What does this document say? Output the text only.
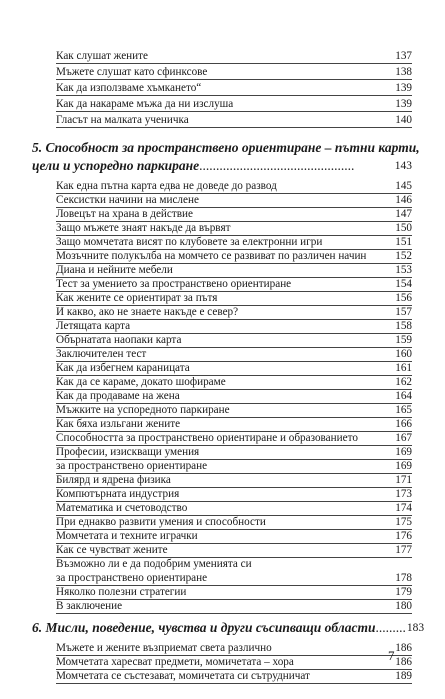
Как слушат жените	137
Мъжете слушат като сфинксове	138
Как да използваме хъмкането“	139
Как да накараме мъжа да ни изслуша	139
Гласът на малката ученичка	140
5. Способност за пространствено ориентиране – пътни карти,
цели и успоредно паркиране ..............................................	143
Как една пътна карта едва не доведе до развод	145
Сексистки начини на мислене	146
Ловецът на храна в действие	147
Защо мъжете знаят накъде да вървят	150
Защо момчетата висят по клубовете за електронни игри	151
Мозъчните полукълба на момчето се развиват по различен начин	152
Диана и нейните мебели	153
Тест за умението за пространствено ориентиране	154
Как жените се ориентират за пътя	156
И какво, ако не знаете накъде е север?	157
Летящата карта	158
Обърнатата наопаки карта	159
Заключителен тест	160
Как да избегнем караницата	161
Как да се караме, докато шофираме	162
Как да продаваме на жена	164
Мъжките на успоредното паркиране	165
Как бяха изльгани жените	166
Способността за пространствено ориентиране и образованието	167
Професии, изискващи умения	169
за пространствено ориентиране	169
Билярд и ядрена физика	171
Компютърната индустрия	173
Математика и счетоводство	174
При еднакво развити умения и способности	175
Момчетата и техните играчки	176
Как се чувстват жените	177
Възможно ли е да подобрим уменията си
за пространствено ориентиране	178
Няколко полезни стратегии	179
В заключение	180
6. Мисли, поведение, чувства и други съсипващи области ......... 183
Мъжете и жените възприемат света различно	186
Момчетата харесват предмети, момичетата – хора	186
Момчетата се състезават, момичетата си сътрудничат	189
7
